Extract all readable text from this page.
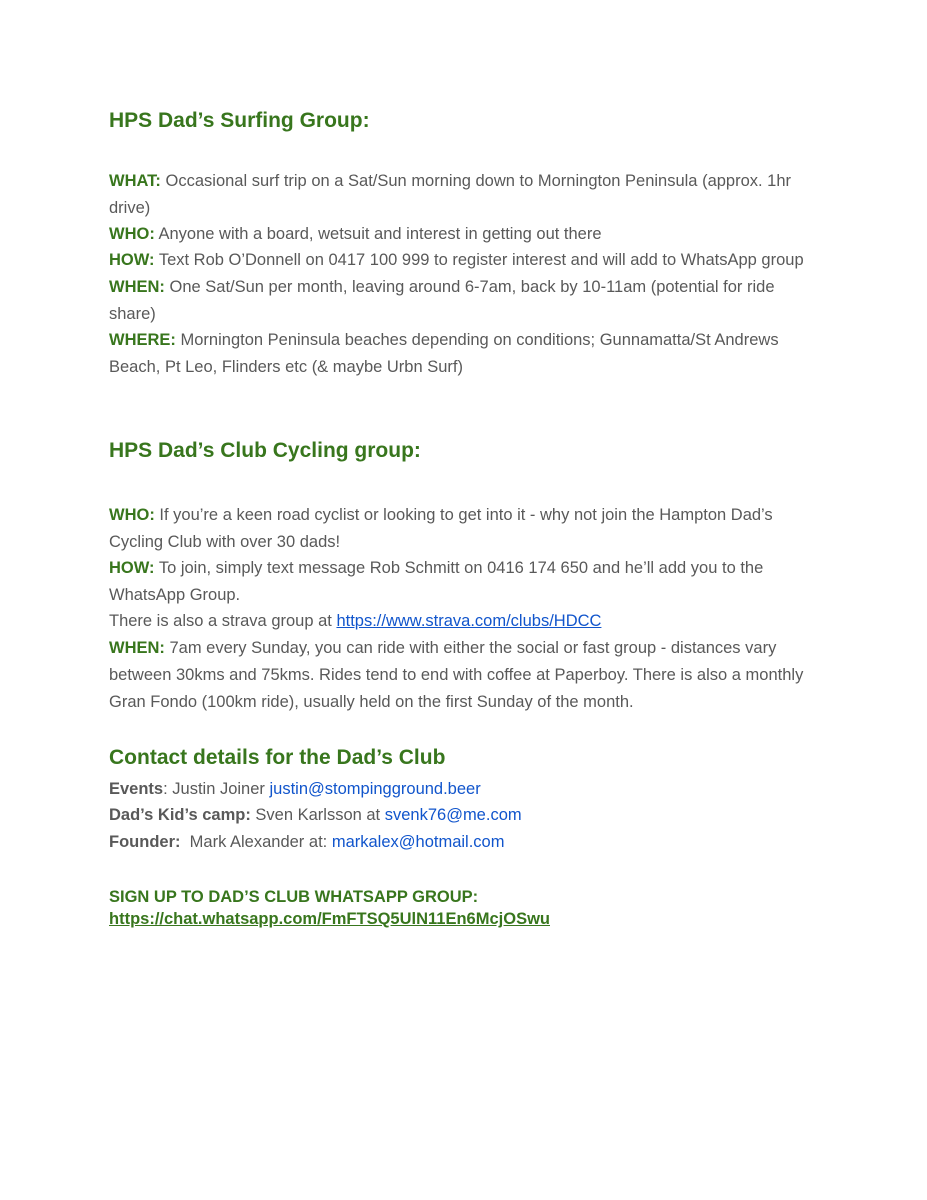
HPS Dad’s Surfing Group:
WHAT: Occasional surf trip on a Sat/Sun morning down to Mornington Peninsula (approx. 1hr drive)
WHO: Anyone with a board, wetsuit and interest in getting out there
HOW: Text Rob O’Donnell on 0417 100 999 to register interest and will add to WhatsApp group
WHEN: One Sat/Sun per month, leaving around 6-7am, back by 10-11am (potential for ride share)
WHERE: Mornington Peninsula beaches depending on conditions; Gunnamatta/St Andrews Beach, Pt Leo, Flinders etc (& maybe Urbn Surf)
HPS Dad’s Club Cycling group:
WHO: If you’re a keen road cyclist or looking to get into it - why not join the Hampton Dad’s Cycling Club with over 30 dads!
HOW: To join, simply text message Rob Schmitt on 0416 174 650 and he’ll add you to the WhatsApp Group.
There is also a strava group at https://www.strava.com/clubs/HDCC
WHEN: 7am every Sunday, you can ride with either the social or fast group - distances vary between 30kms and 75kms. Rides tend to end with coffee at Paperboy. There is also a monthly Gran Fondo (100km ride), usually held on the first Sunday of the month.
Contact details for the Dad’s Club
Events: Justin Joiner justin@stompingground.beer
Dad’s Kid’s camp: Sven Karlsson at svenk76@me.com
Founder:  Mark Alexander at: markalex@hotmail.com
SIGN UP TO DAD’S CLUB WHATSAPP GROUP:
https://chat.whatsapp.com/FmFTSQ5UlN11En6McjOSwu
